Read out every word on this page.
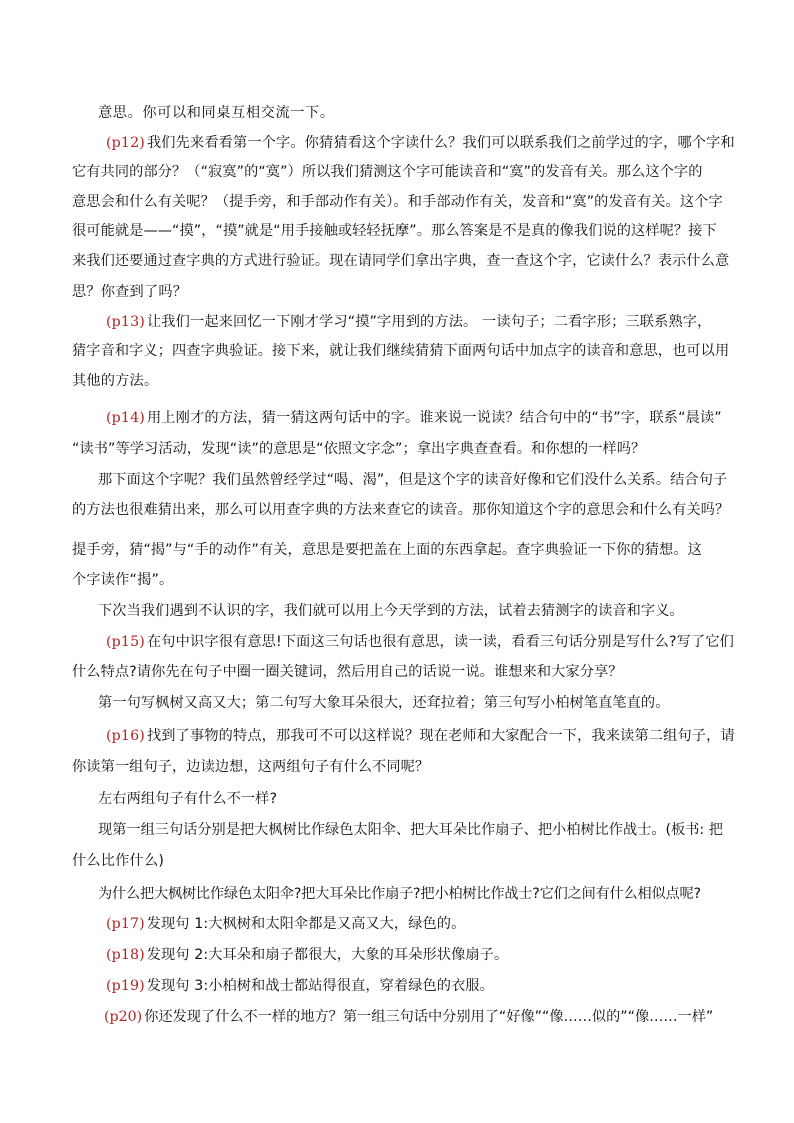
意思。你可以和同桌互相交流一下。
(p12) 我们先来看看第一个字。你猜猜看这个字读什么？我们可以联系我们之前学过的字，哪个字和
它有共同的部分？（“寂寞”的“寞”）所以我们猜测这个字可能读音和“寞”的发音有关。那么这个字的
意思会和什么有关呢？（提手旁，和手部动作有关）。和手部动作有关，发音和“寞”的发音有关。这个字
很可能就是——“摸”，“摸”就是“用手接触或轻轻抚摩”。那么答案是不是真的像我们说的这样呢？接下
来我们还要通过查字典的方式进行验证。现在请同学们拿出字典，查一查这个字，它读什么？表示什么意
思？你查到了吗？
(p13) 让我们一起来回忆一下刚才学习“摸”字用到的方法。 一读句子；二看字形；三联系熟字，
猜字音和字义；四查字典验证。接下来，就让我们继续猜猜下面两句话中加点字的读音和意思，也可以用
其他的方法。
(p14) 用上刚才的方法，猜一猜这两句话中的字。谁来说一说读？结合句中的“书”字，联系“晨读”
“读书”等学习活动，发现“读”的意思是“依照文字念”；拿出字典查查看。和你想的一样吗？
那下面这个字呢？我们虽然曾经学过“喝、渴”，但是这个字的读音好像和它们没什么关系。结合句子
的方法也很难猜出来，那么可以用查字典的方法来查它的读音。那你知道这个字的意思会和什么有关吗？
提手旁，猜“揭”与“手的动作”有关，意思是要把盖在上面的东西拿起。查字典验证一下你的猜想。这
个字读作“揭”。
下次当我们遇到不认识的字，我们就可以用上今天学到的方法，试着去猜测字的读音和字义。
(p15) 在句中识字很有意思!下面这三句话也很有意思，读一读，看看三句话分别是写什么?写了它们
什么特点?请你先在句子中圈一圈关键词，然后用自己的话说一说。谁想来和大家分享？
第一句写枫树又高又大；第二句写大象耳朵很大，还耷拉着；第三句写小柏树笔直笔直的。
(p16) 找到了事物的特点，那我可不可以这样说？现在老师和大家配合一下，我来读第二组句子，请
你读第一组句子，边读边想，这两组句子有什么不同呢？
左右两组句子有什么不一样?
现第一组三句话分别是把大枫树比作绿色太阳伞、把大耳朵比作扇子、把小柏树比作战士。(板书: 把
什么比作什么)
为什么把大枫树比作绿色太阳伞?把大耳朵比作扇子?把小柏树比作战士?它们之间有什么相似点呢?
(p17) 发现句 1:大枫树和太阳伞都是又高又大，绿色的。
(p18) 发现句 2:大耳朵和扇子都很大，大象的耳朵形状像扇子。
(p19) 发现句 3:小柏树和战士都站得很直，穿着绿色的衣服。
(p20) 你还发现了什么不一样的地方？第一组三句话中分别用了“好像”“像……似的”“像……一样”
